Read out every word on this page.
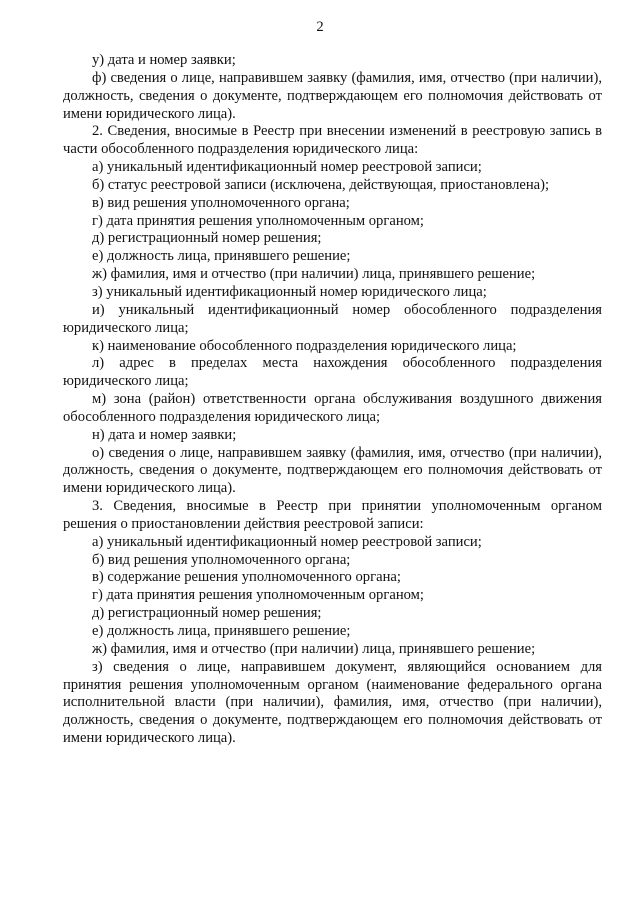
2

у) дата и номер заявки;

ф) сведения о лице, направившем заявку (фамилия, имя, отчество (при наличии), должность, сведения о документе, подтверждающем его полномочия действовать от имени юридического лица).

2. Сведения, вносимые в Реестр при внесении изменений в реестровую запись в части обособленного подразделения юридического лица:

а) уникальный идентификационный номер реестровой записи;

б) статус реестровой записи (исключена, действующая, приостановлена);

в) вид решения уполномоченного органа;

г) дата принятия решения уполномоченным органом;

д) регистрационный номер решения;

е) должность лица, принявшего решение;

ж) фамилия, имя и отчество (при наличии) лица, принявшего решение;

з) уникальный идентификационный номер юридического лица;

и) уникальный идентификационный номер обособленного подразделения юридического лица;

к) наименование обособленного подразделения юридического лица;

л) адрес в пределах места нахождения обособленного подразделения юридического лица;

м) зона (район) ответственности органа обслуживания воздушного движения обособленного подразделения юридического лица;

н) дата и номер заявки;

о) сведения о лице, направившем заявку (фамилия, имя, отчество (при наличии), должность, сведения о документе, подтверждающем его полномочия действовать от имени юридического лица).

3. Сведения, вносимые в Реестр при принятии уполномоченным органом решения о приостановлении действия реестровой записи:

а) уникальный идентификационный номер реестровой записи;

б) вид решения уполномоченного органа;

в) содержание решения уполномоченного органа;

г) дата принятия решения уполномоченным органом;

д) регистрационный номер решения;

е) должность лица, принявшего решение;

ж) фамилия, имя и отчество (при наличии) лица, принявшего решение;

з) сведения о лице, направившем документ, являющийся основанием для принятия решения уполномоченным органом (наименование федерального органа исполнительной власти (при наличии), фамилия, имя, отчество (при наличии), должность, сведения о документе, подтверждающем его полномочия действовать от имени юридического лица).
